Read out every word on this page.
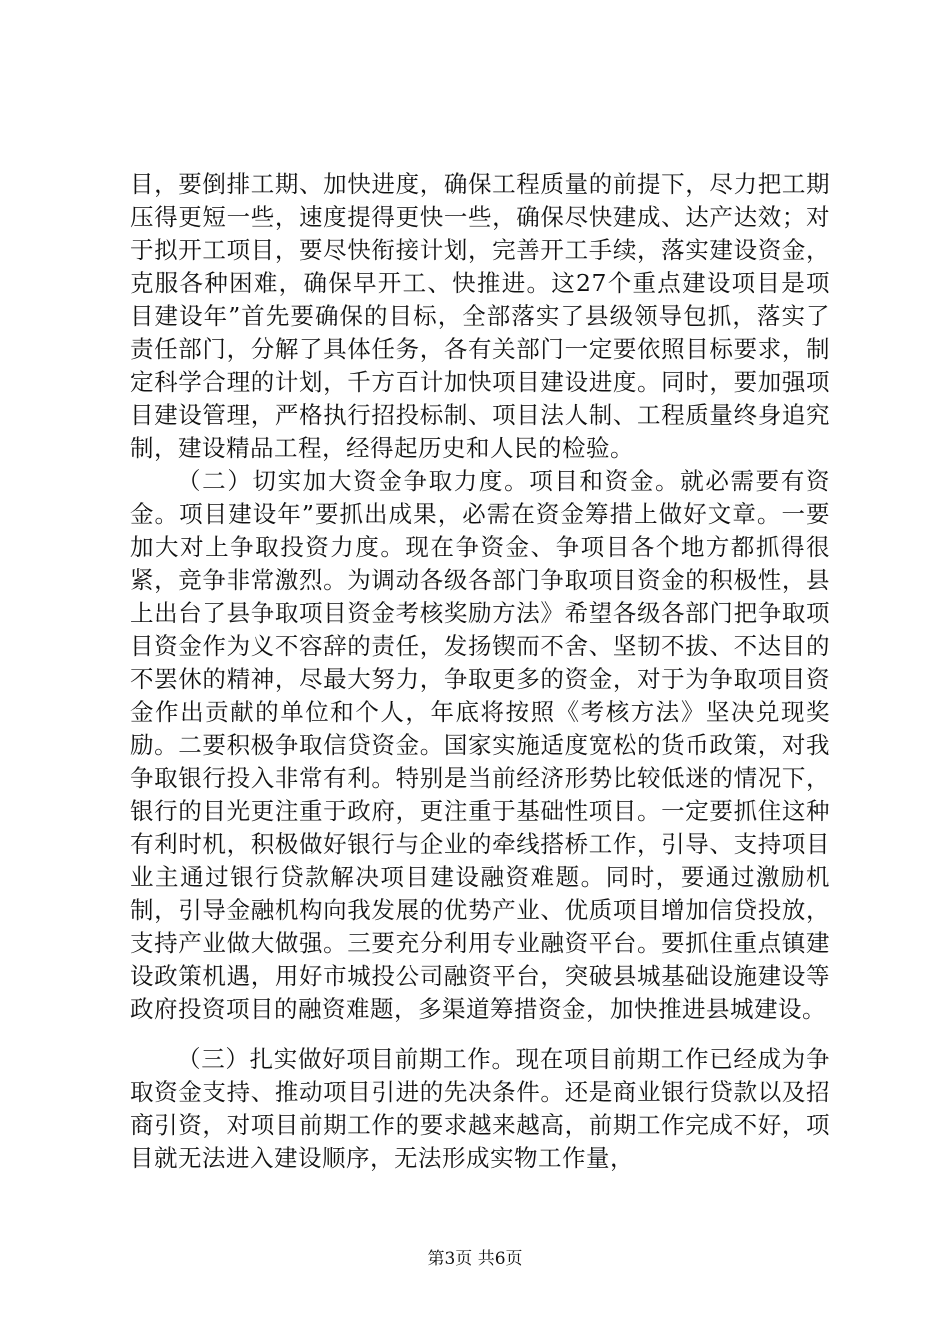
目，要倒排工期、加快进度，确保工程质量的前提下，尽力把工期压得更短一些，速度提得更快一些，确保尽快建成、达产达效；对于拟开工项目，要尽快衔接计划，完善开工手续，落实建设资金，克服各种困难，确保早开工、快推进。这27个重点建设项目是项目建设年”首先要确保的目标，全部落实了县级领导包抓，落实了责任部门，分解了具体任务，各有关部门一定要依照目标要求，制定科学合理的计划，千方百计加快项目建设进度。同时，要加强项目建设管理，严格执行招投标制、项目法人制、工程质量终身追究制，建设精品工程，经得起历史和人民的检验。

（二）切实加大资金争取力度。项目和资金。就必需要有资金。项目建设年”要抓出成果，必需在资金筹措上做好文章。一要加大对上争取投资力度。现在争资金、争项目各个地方都抓得很紧，竞争非常激烈。为调动各级各部门争取项目资金的积极性，县上出台了县争取项目资金考核奖励方法》希望各级各部门把争取项目资金作为义不容辞的责任，发扬锲而不舍、坚韧不拔、不达目的不罢休的精神，尽最大努力，争取更多的资金，对于为争取项目资金作出贡献的单位和个人，年底将按照《考核方法》坚决兑现奖励。二要积极争取信贷资金。国家实施适度宽松的货币政策，对我争取银行投入非常有利。特别是当前经济形势比较低迷的情况下，银行的目光更注重于政府，更注重于基础性项目。一定要抓住这种有利时机，积极做好银行与企业的牵线搭桥工作，引导、支持项目业主通过银行贷款解决项目建设融资难题。同时，要通过激励机制，引导金融机构向我发展的优势产业、优质项目增加信贷投放，支持产业做大做强。三要充分利用专业融资平台。要抓住重点镇建设政策机遇，用好市城投公司融资平台，突破县城基础设施建设等政府投资项目的融资难题，多渠道筹措资金，加快推进县城建设。

（三）扎实做好项目前期工作。现在项目前期工作已经成为争取资金支持、推动项目引进的先决条件。还是商业银行贷款以及招商引资，对项目前期工作的要求越来越高，前期工作完成不好，项目就无法进入建设顺序，无法形成实物工作量，

第3页 共6页
